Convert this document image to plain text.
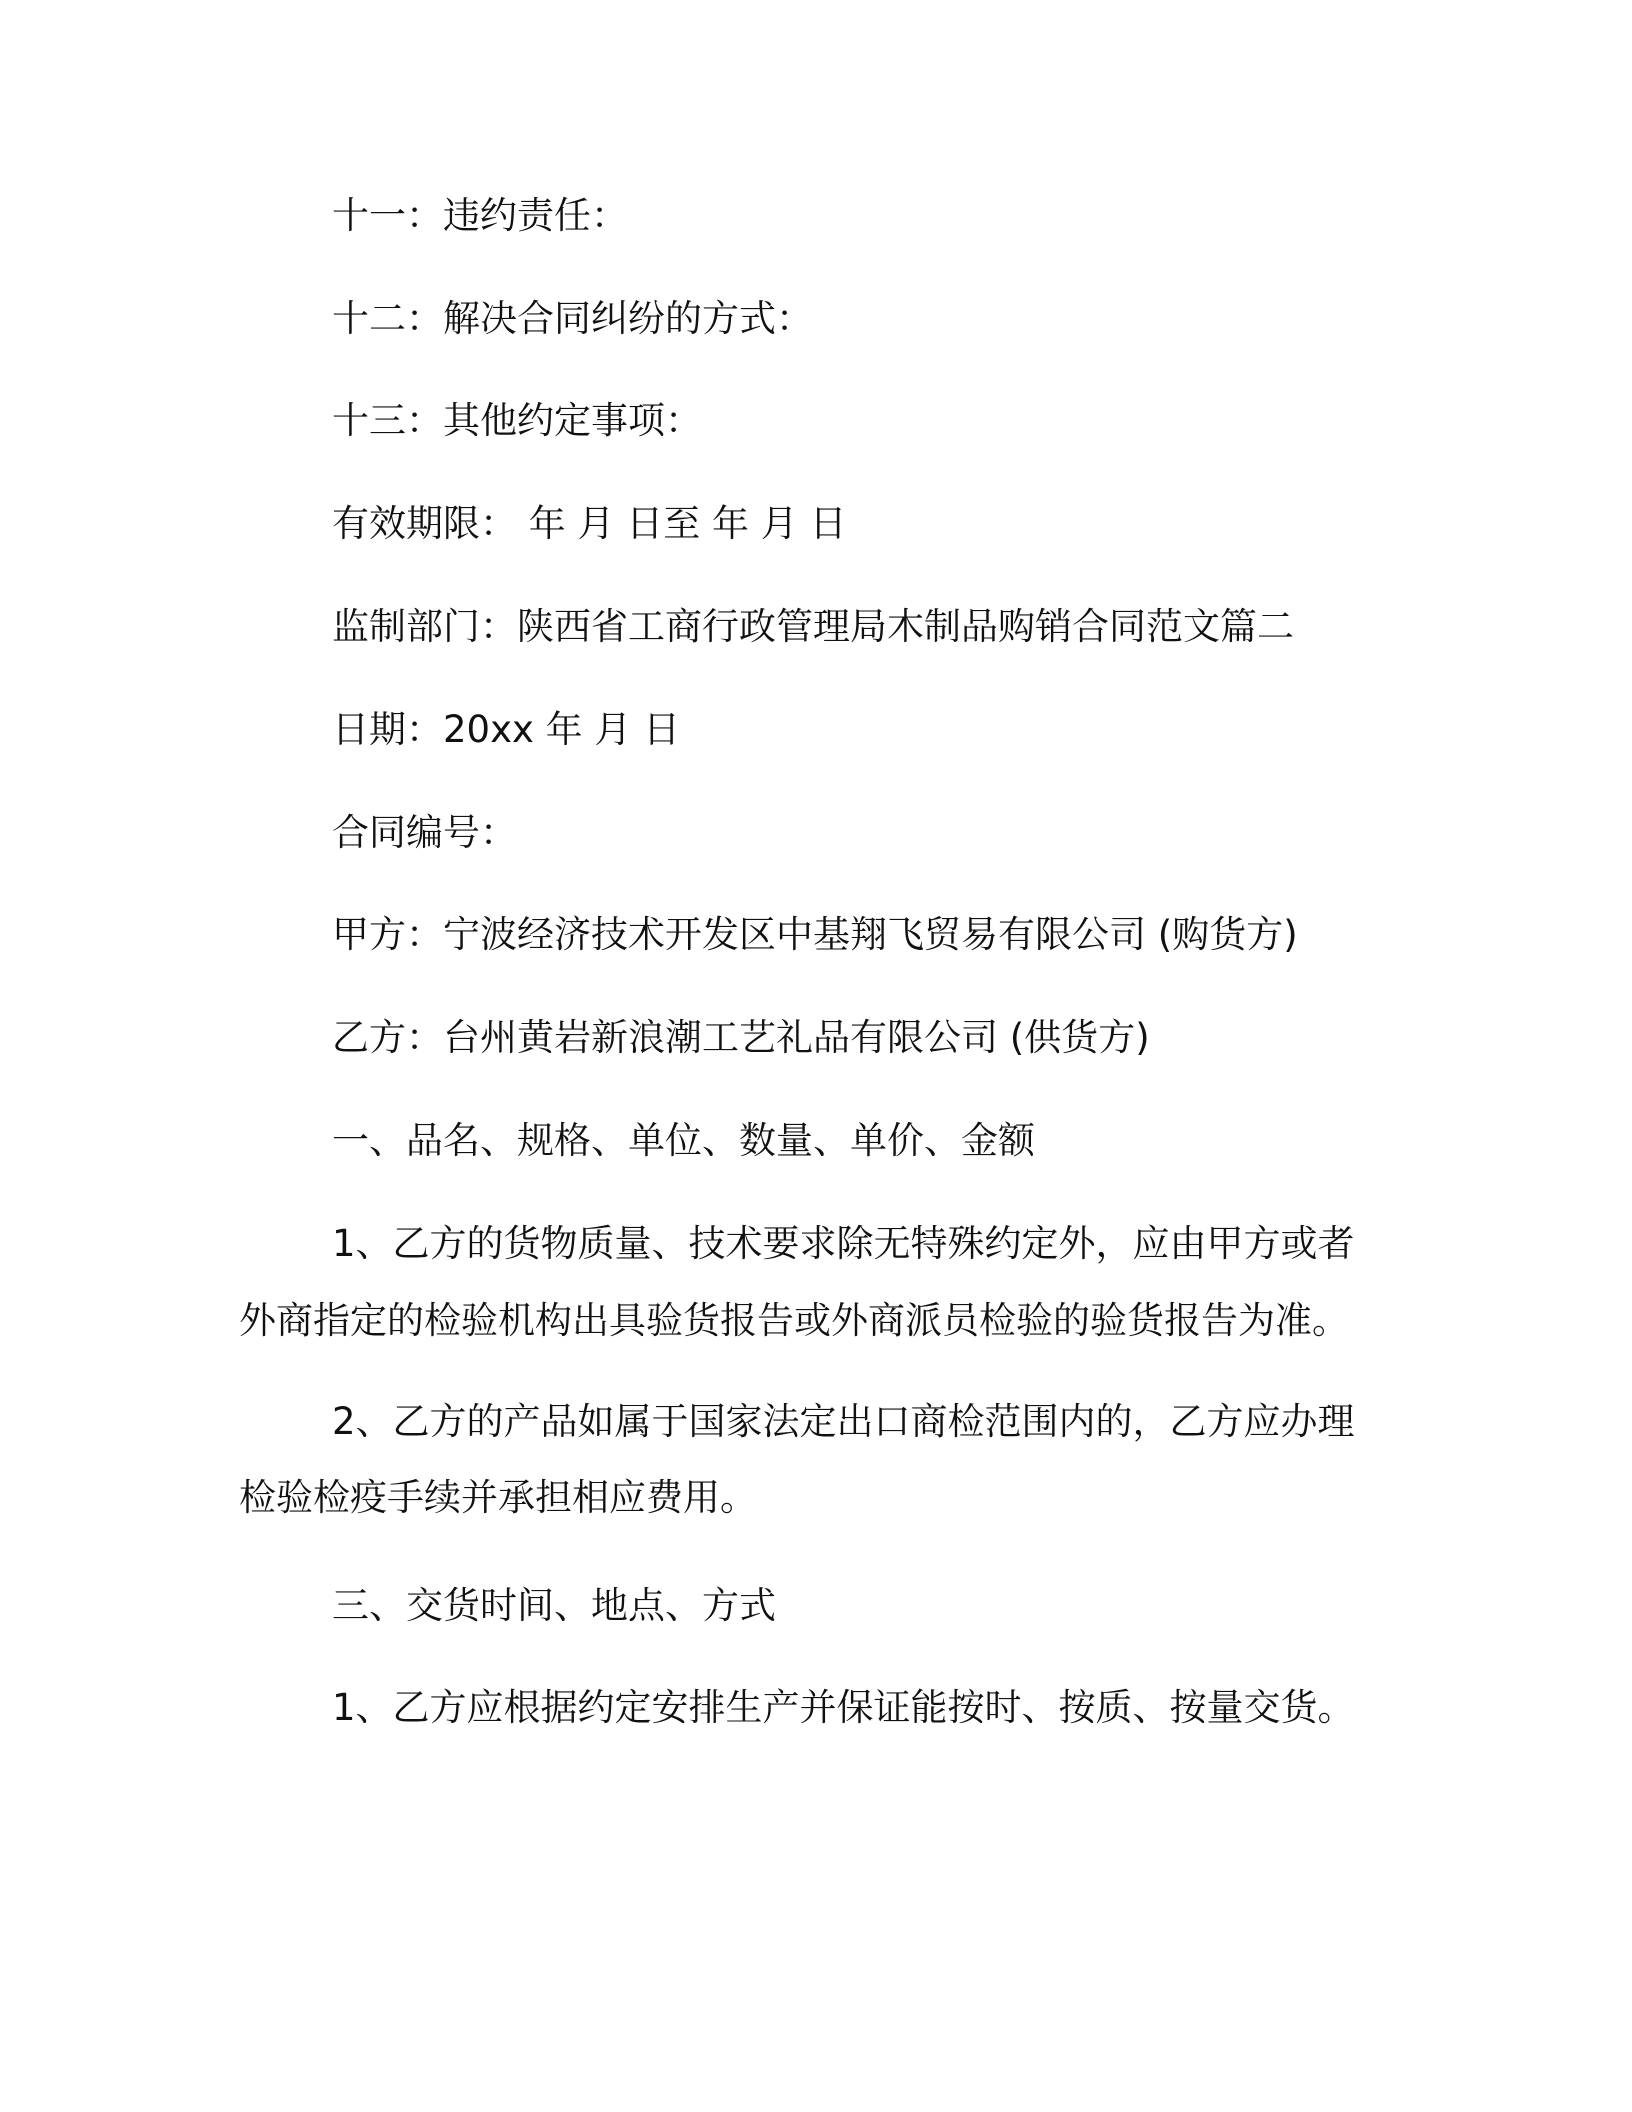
十一：违约责任：

十二：解决合同纠纷的方式：

十三：其他约定事项：

有效期限： 年 月 日至 年 月 日

监制部门：陕西省工商行政管理局木制品购销合同范文篇二

日期：20xx 年 月 日

合同编号：

甲方：宁波经济技术开发区中基翔飞贸易有限公司 (购货方)

乙方：台州黄岩新浪潮工艺礼品有限公司 (供货方)

一、品名、规格、单位、数量、单价、金额

1、乙方的货物质量、技术要求除无特殊约定外，应由甲方或者

外商指定的检验机构出具验货报告或外商派员检验的验货报告为准。

2、乙方的产品如属于国家法定出口商检范围内的，乙方应办理

检验检疫手续并承担相应费用。

三、交货时间、地点、方式

1、乙方应根据约定安排生产并保证能按时、按质、按量交货。
